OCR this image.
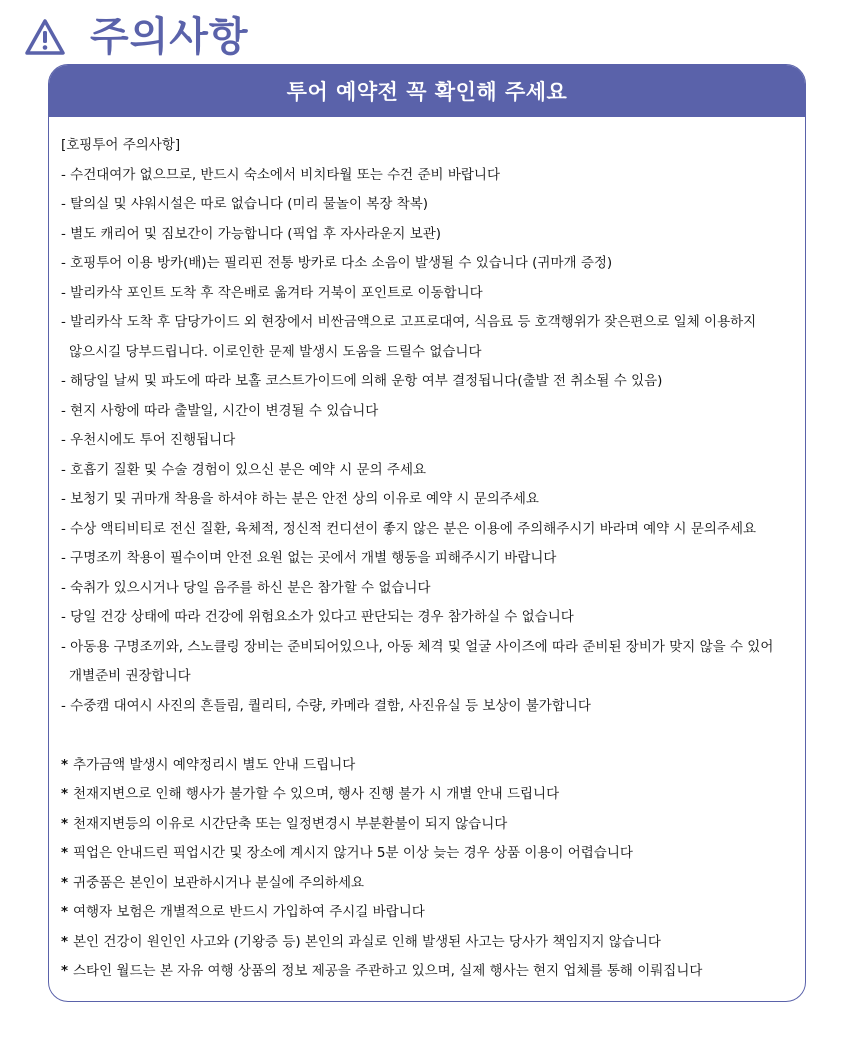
주의사항
투어 예약전 꼭 확인해 주세요
[호핑투어 주의사항]
- 수건대여가 없으므로, 반드시 숙소에서 비치타월 또는 수건 준비 바랍니다
- 탈의실 및 샤워시설은 따로 없습니다 (미리 물놀이 복장 착복)
- 별도 캐리어 및 짐보간이 가능합니다 (픽업 후 자사라운지 보관)
- 호핑투어 이용 방카(배)는 필리핀 전통 방카로 다소 소음이 발생될 수 있습니다 (귀마개 증정)
- 발리카삭 포인트 도착 후 작은배로 옮겨타 거북이 포인트로 이동합니다
- 발리카삭 도착 후 담당가이드 외 현장에서 비싼금액으로 고프로대여, 식음료 등 호객행위가 잦은편으로 일체 이용하지
않으시길 당부드립니다. 이로인한 문제 발생시 도움을 드릴수 없습니다
- 해당일 날씨 및 파도에 따라 보홀 코스트가이드에 의해 운항 여부 결정됩니다(출발 전 취소될 수 있음)
- 현지 사항에 따라 출발일, 시간이 변경될 수 있습니다
- 우천시에도 투어 진행됩니다
- 호흡기 질환 및 수술 경험이 있으신 분은 예약 시 문의 주세요
- 보청기 및 귀마개 착용을 하셔야 하는 분은 안전 상의 이유로 예약 시 문의주세요
- 수상 액티비티로 전신 질환, 육체적, 정신적 컨디션이 좋지 않은 분은 이용에 주의해주시기 바라며 예약 시 문의주세요
- 구명조끼 착용이 필수이며 안전 요원 없는 곳에서 개별 행동을 피해주시기 바랍니다
- 숙취가 있으시거나 당일 음주를 하신 분은 참가할 수 없습니다
- 당일 건강 상태에 따라 건강에 위험요소가 있다고 판단되는 경우 참가하실 수 없습니다
- 아동용 구명조끼와, 스노클링 장비는 준비되어있으나, 아동 체격 및 얼굴 사이즈에 따라 준비된 장비가 맞지 않을 수 있어
개별준비 권장합니다
- 수중캠 대여시 사진의 흔들림, 퀄리티, 수량, 카메라 결함, 사진유실 등 보상이 불가합니다
* 추가금액 발생시 예약정리시 별도 안내 드립니다
* 천재지변으로 인해 행사가 불가할 수 있으며, 행사 진행 불가 시 개별 안내 드립니다
* 천재지변등의 이유로 시간단축 또는 일정변경시 부분환불이 되지 않습니다
* 픽업은 안내드린 픽업시간 및 장소에 계시지 않거나 5분 이상 늦는 경우 상품 이용이 어렵습니다
* 귀중품은 본인이 보관하시거나 분실에 주의하세요
* 여행자 보험은 개별적으로 반드시 가입하여 주시길 바랍니다
* 본인 건강이 원인인 사고와 (기왕증 등) 본인의 과실로 인해 발생된 사고는 당사가 책임지지 않습니다
* 스타인 월드는 본 자유 여행 상품의 정보 제공을 주관하고 있으며, 실제 행사는 현지 업체를 통해 이뤄집니다
